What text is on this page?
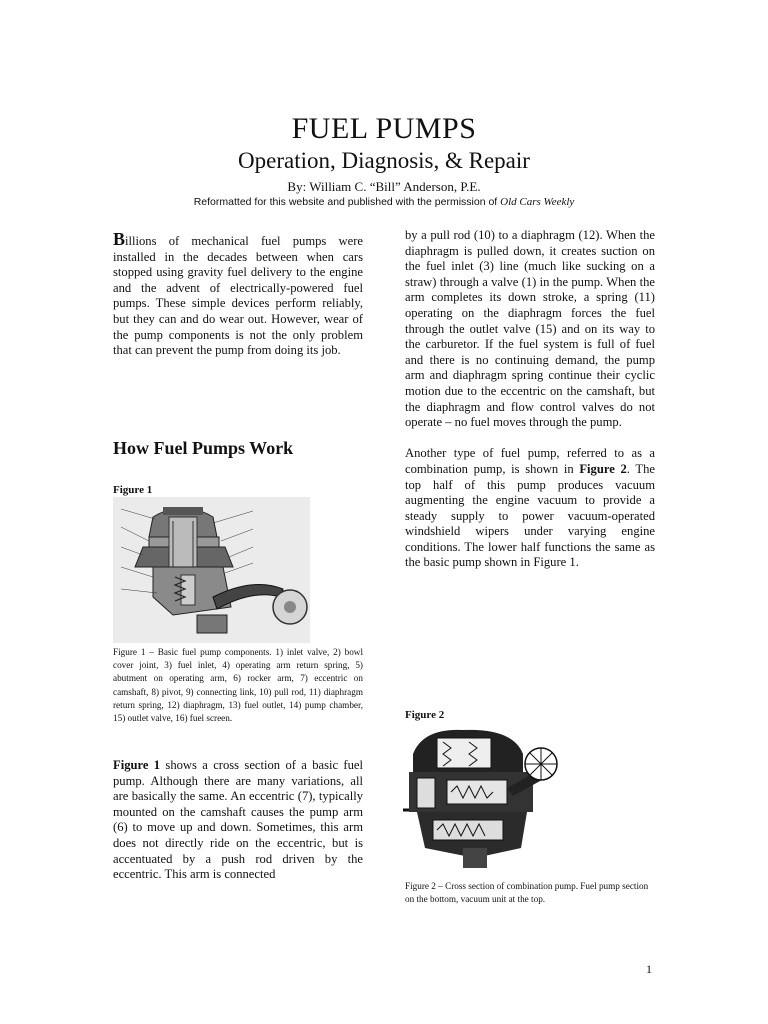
FUEL PUMPS
Operation, Diagnosis, & Repair
By: William C. “Bill” Anderson, P.E.
Reformatted for this website and published with the permission of Old Cars Weekly

Billions of mechanical fuel pumps were installed in the decades between when cars stopped using gravity fuel delivery to the engine and the advent of electrically-powered fuel pumps. These simple devices perform reliably, but they can and do wear out. However, wear of the pump components is not the only problem that can prevent the pump from doing its job.

How Fuel Pumps Work
Figure 1
Figure 1 – Basic fuel pump components. 1) inlet valve, 2) bowl cover joint, 3) fuel inlet, 4) operating arm return spring, 5) abutment on operating arm, 6) rocker arm, 7) eccentric on camshaft, 8) pivot, 9) connecting link, 10) pull rod, 11) diaphragm return spring, 12) diaphragm, 13) fuel outlet, 14) pump chamber, 15) outlet valve, 16) fuel screen.
Figure 1 shows a cross section of a basic fuel pump. Although there are many variations, all are basically the same. An eccentric (7), typically mounted on the camshaft causes the pump arm (6) to move up and down. Sometimes, this arm does not directly ride on the eccentric, but is accentuated by a push rod driven by the eccentric. This arm is connected

by a pull rod (10) to a diaphragm (12). When the diaphragm is pulled down, it creates suction on the fuel inlet (3) line (much like sucking on a straw) through a valve (1) in the pump. When the arm completes its down stroke, a spring (11) operating on the diaphragm forces the fuel through the outlet valve (15) and on its way to the carburetor. If the fuel system is full of fuel and there is no continuing demand, the pump arm and diaphragm spring continue their cyclic motion due to the eccentric on the camshaft, but the diaphragm and flow control valves do not operate – no fuel moves through the pump.

Another type of fuel pump, referred to as a combination pump, is shown in Figure 2. The top half of this pump produces vacuum augmenting the engine vacuum to provide a steady supply to power vacuum-operated windshield wipers under varying engine conditions. The lower half functions the same as the basic pump shown in Figure 1.

Figure 2
Figure 2 – Cross section of combination pump. Fuel pump section on the bottom, vacuum unit at the top.
1
